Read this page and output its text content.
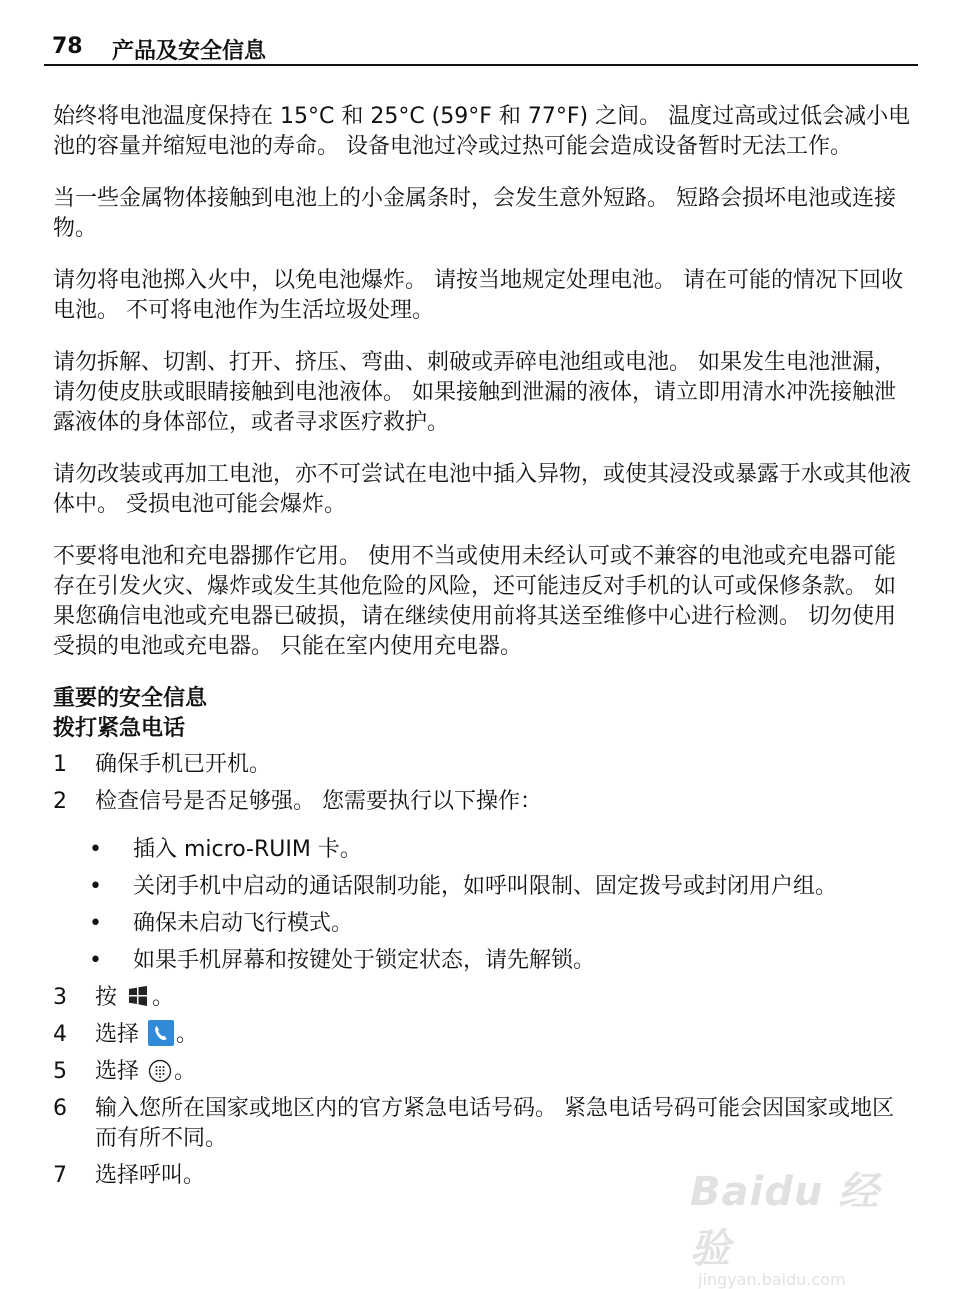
78 产品及安全信息

始终将电池温度保持在 15°C 和 25°C (59°F 和 77°F) 之间。 温度过高或过低会减小电池的容量并缩短电池的寿命。 设备电池过冷或过热可能会造成设备暂时无法工作。

当一些金属物体接触到电池上的小金属条时，会发生意外短路。 短路会损坏电池或连接物。

请勿将电池掷入火中，以免电池爆炸。 请按当地规定处理电池。 请在可能的情况下回收电池。 不可将电池作为生活垃圾处理。

请勿拆解、切割、打开、挤压、弯曲、刺破或弄碎电池组或电池。 如果发生电池泄漏，请勿使皮肤或眼睛接触到电池液体。 如果接触到泄漏的液体，请立即用清水冲洗接触泄露液体的身体部位，或者寻求医疗救护。

请勿改装或再加工电池，亦不可尝试在电池中插入异物，或使其浸没或暴露于水或其他液体中。 受损电池可能会爆炸。

不要将电池和充电器挪作它用。 使用不当或使用未经认可或不兼容的电池或充电器可能存在引发火灾、爆炸或发生其他危险的风险，还可能违反对手机的认可或保修条款。 如果您确信电池或充电器已破损，请在继续使用前将其送至维修中心进行检测。 切勿使用受损的电池或充电器。 只能在室内使用充电器。

重要的安全信息
拨打紧急电话
1 确保手机已开机。
2 检查信号是否足够强。 您需要执行以下操作：
• 插入 micro-RUIM 卡。
• 关闭手机中启动的通话限制功能，如呼叫限制、固定拨号或封闭用户组。
• 确保未启动飞行模式。
• 如果手机屏幕和按键处于锁定状态，请先解锁。
3 按 。
4 选择 。
5 选择 。
6 输入您所在国家或地区内的官方紧急电话号码。 紧急电话号码可能会因国家或地区而有所不同。
7 选择呼叫。	Baidu 经验
jingyan.baidu.com
